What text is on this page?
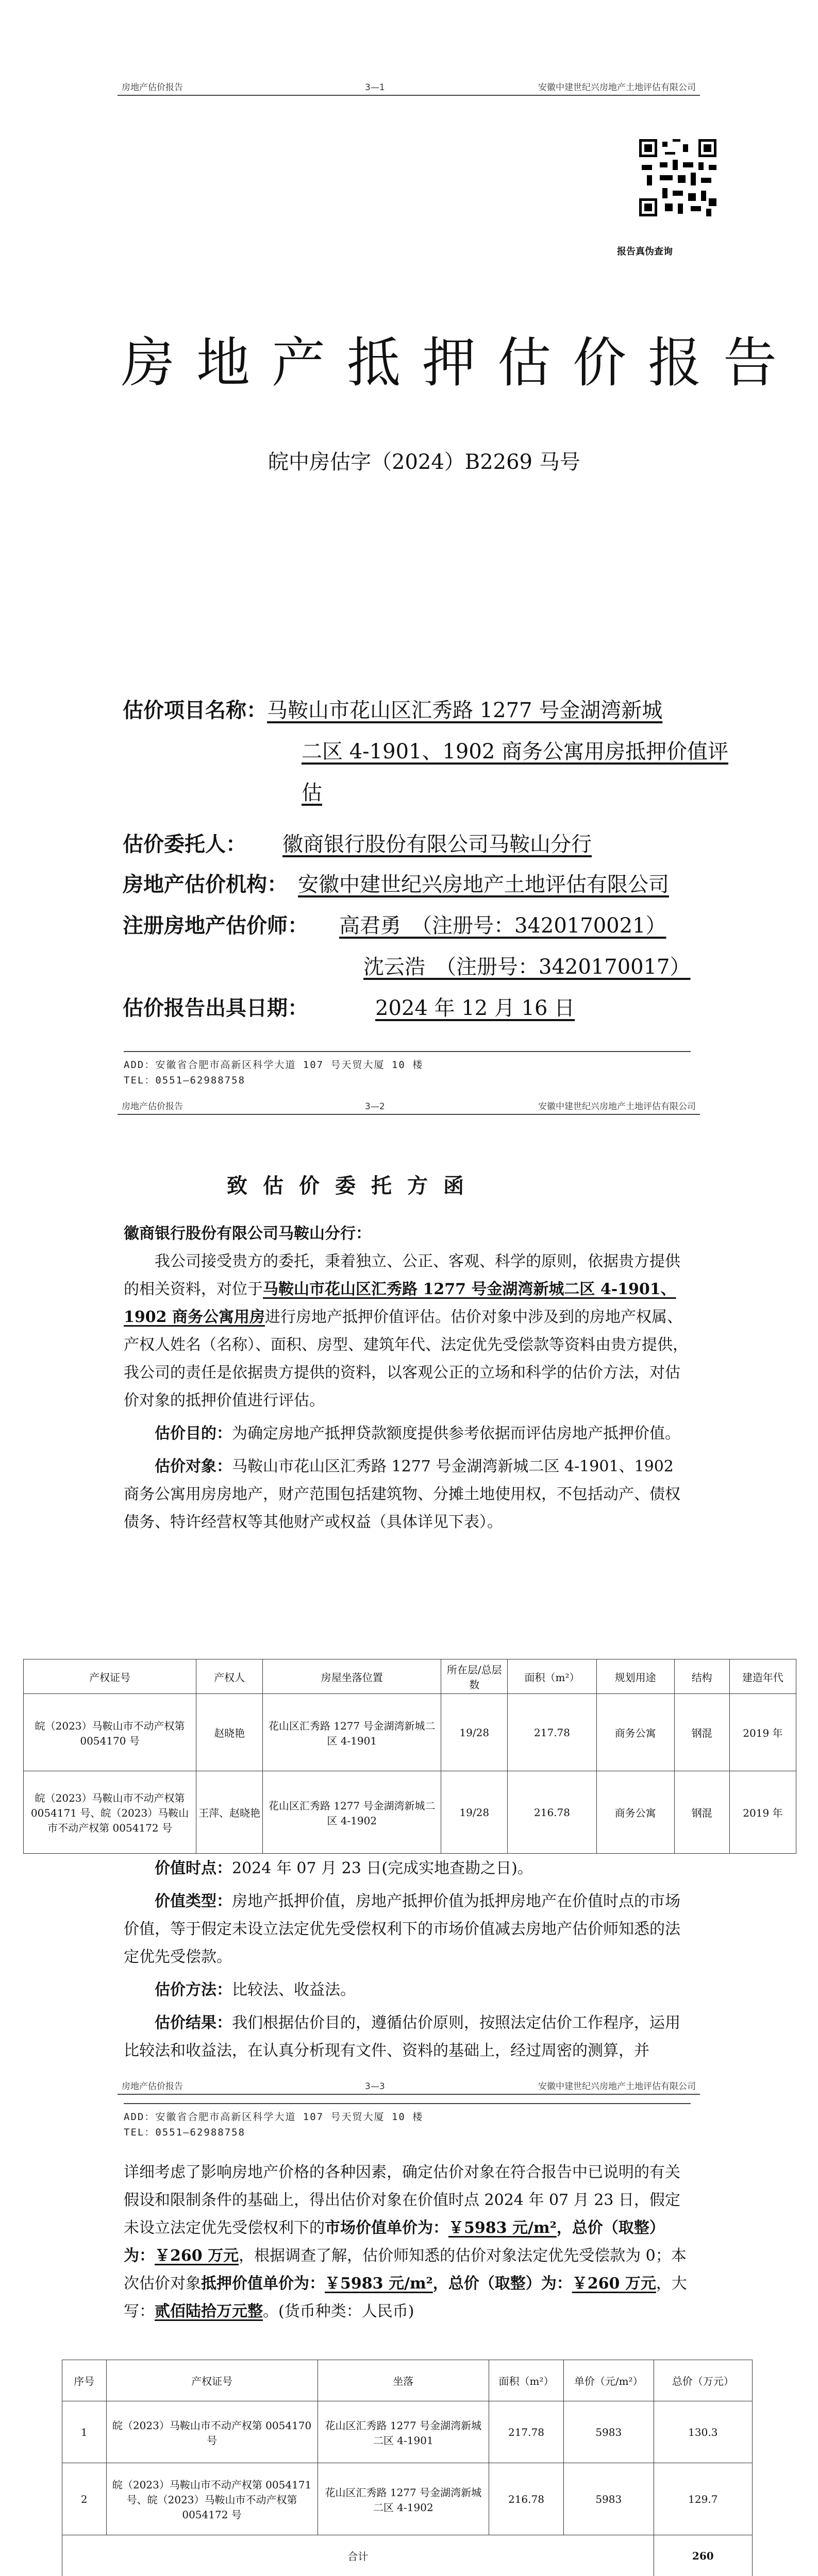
房地产估价报告	3—1	安徽中建世纪兴房地产土地评估有限公司
报告真伪查询
房地产抵押估价报告
皖中房估字（2024）B2269 马号
估价项目名称：马鞍山市花山区汇秀路 1277 号金湖湾新城
二区 4-1901、1902 商务公寓用房抵押价值评
估
估价委托人： 徽商银行股份有限公司马鞍山分行
房地产估价机构： 安徽中建世纪兴房地产土地评估有限公司
注册房地产估价师： 高君勇　（注册号：3420170021）
沈云浩　（注册号：3420170017）
估价报告出具日期：	2024 年 12 月 16 日
ADD：安徽省合肥市高新区科学大道 107 号天贸大厦 10 楼
TEL：0551—62988758
房地产估价报告	3—2	安徽中建世纪兴房地产土地评估有限公司
致估价委托方函
徽商银行股份有限公司马鞍山分行：

我公司接受贵方的委托，秉着独立、公正、客观、科学的原则，依据贵方提供的相关资料，对位于马鞍山市花山区汇秀路 1277 号金湖湾新城二区 4-1901、1902 商务公寓用房进行房地产抵押价值评估。估价对象中涉及到的房地产权属、产权人姓名（名称）、面积、房型、建筑年代、法定优先受偿款等资料由贵方提供，我公司的责任是依据贵方提供的资料，以客观公正的立场和科学的估价方法，对估价对象的抵押价值进行评估。

估价目的：为确定房地产抵押贷款额度提供参考依据而评估房地产抵押价值。

估价对象：马鞍山市花山区汇秀路 1277 号金湖湾新城二区 4-1901、1902 商务公寓用房房地产，财产范围包括建筑物、分摊土地使用权，不包括动产、债权债务、特许经营权等其他财产或权益（具体详见下表）。

产权证号	产权人	房屋坐落位置	所在层/总层数	面积（m²）	规划用途	结构	建造年代
皖（2023）马鞍山市不动产权第 0054170 号	赵晓艳	花山区汇秀路 1277 号金湖湾新城二区 4-1901	19/28	217.78	商务公寓	钢混	2019 年
皖（2023）马鞍山市不动产权第 0054171 号、皖（2023）马鞍山市不动产权第 0054172 号	王萍、赵晓艳	花山区汇秀路 1277 号金湖湾新城二区 4-1902	19/28	216.78	商务公寓	钢混	2019 年

价值时点：2024 年 07 月 23 日(完成实地查勘之日)。

价值类型：房地产抵押价值，房地产抵押价值为抵押房地产在价值时点的市场价值，等于假定未设立法定优先受偿权利下的市场价值减去房地产估价师知悉的法定优先受偿款。

估价方法：比较法、收益法。

估价结果：我们根据估价目的，遵循估价原则，按照法定估价工作程序，运用比较法和收益法，在认真分析现有文件、资料的基础上，经过周密的测算，并

ADD：安徽省合肥市高新区科学大道 107 号天贸大厦 10 楼
TEL：0551—62988758
房地产估价报告	3—3	安徽中建世纪兴房地产土地评估有限公司

详细考虑了影响房地产价格的各种因素，确定估价对象在符合报告中已说明的有关假设和限制条件的基础上，得出估价对象在价值时点 2024 年 07 月 23 日，假定未设立法定优先受偿权利下的市场价值单价为：￥5983 元/m²，总价（取整）为：￥260 万元，根据调查了解，估价师知悉的估价对象法定优先受偿款为 0；本次估价对象抵押价值单价为：￥5983 元/m²，总价（取整）为：￥260 万元，大写：贰佰陆拾万元整。(货币种类：人民币)

序号	产权证号	坐落	面积（m²）	单价（元/m²）	总价（万元）
1	皖（2023）马鞍山市不动产权第 0054170 号	花山区汇秀路 1277 号金湖湾新城二区 4-1901	217.78	5983	130.3
2	皖（2023）马鞍山市不动产权第 0054171 号、皖（2023）马鞍山市不动产权第 0054172 号	花山区汇秀路 1277 号金湖湾新城二区 4-1902	216.78	5983	129.7
合计					260
